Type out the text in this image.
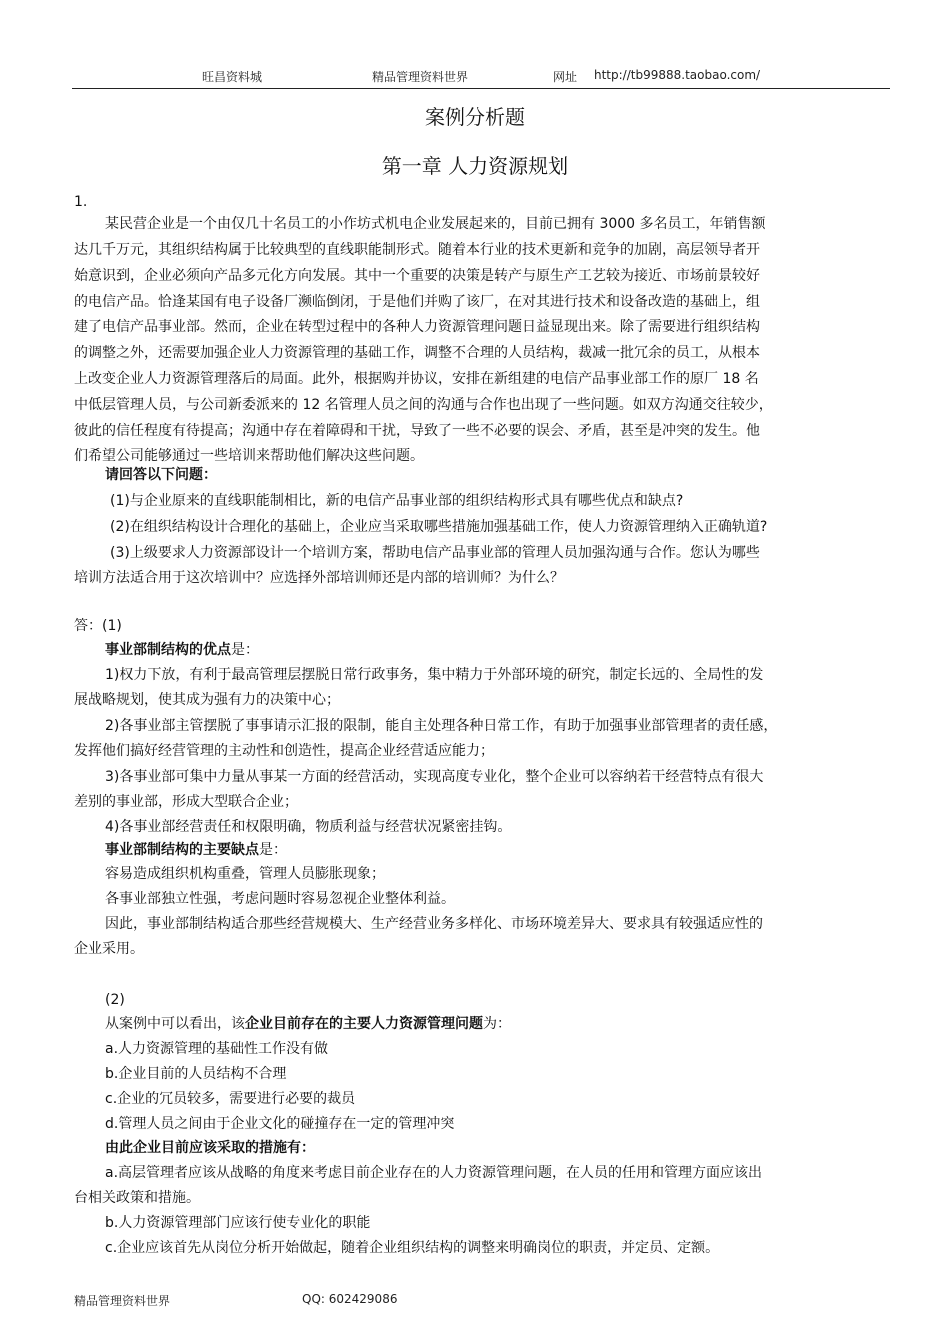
旺昌资料城	精品管理资料世界	网址 http://tb99888.taobao.com/
案例分析题
第一章 人力资源规划
1.
某民营企业是一个由仅几十名员工的小作坊式机电企业发展起来的，目前已拥有 3000 多名员工，年销售额
达几千万元，其组织结构属于比较典型的直线职能制形式。随着本行业的技术更新和竞争的加剧，高层领导者开
始意识到，企业必须向产品多元化方向发展。其中一个重要的决策是转产与原生产工艺较为接近、市场前景较好
的电信产品。恰逢某国有电子设备厂濒临倒闭，于是他们并购了该厂，在对其进行技术和设备改造的基础上，组
建了电信产品事业部。然而，企业在转型过程中的各种人力资源管理问题日益显现出来。除了需要进行组织结构
的调整之外，还需要加强企业人力资源管理的基础工作，调整不合理的人员结构，裁减一批冗余的员工，从根本
上改变企业人力资源管理落后的局面。此外，根据购并协议，安排在新组建的电信产品事业部工作的原厂 18 名
中低层管理人员，与公司新委派来的 12 名管理人员之间的沟通与合作也出现了一些问题。如双方沟通交往较少，
彼此的信任程度有待提高；沟通中存在着障碍和干扰，导致了一些不必要的误会、矛盾，甚至是冲突的发生。他
们希望公司能够通过一些培训来帮助他们解决这些问题。
请回答以下问题：
(1)与企业原来的直线职能制相比，新的电信产品事业部的组织结构形式具有哪些优点和缺点?
(2)在组织结构设计合理化的基础上，企业应当采取哪些措施加强基础工作，使人力资源管理纳入正确轨道?
(3)上级要求人力资源部设计一个培训方案，帮助电信产品事业部的管理人员加强沟通与合作。您认为哪些
培训方法适合用于这次培训中？应选择外部培训师还是内部的培训师？为什么？
答：(1)
事业部制结构的优点是：
1)权力下放，有利于最高管理层摆脱日常行政事务，集中精力于外部环境的研究，制定长远的、全局性的发
展战略规划，使其成为强有力的决策中心；
2)各事业部主管摆脱了事事请示汇报的限制，能自主处理各种日常工作，有助于加强事业部管理者的责任感，
发挥他们搞好经营管理的主动性和创造性，提高企业经营适应能力；
3)各事业部可集中力量从事某一方面的经营活动，实现高度专业化，整个企业可以容纳若干经营特点有很大
差别的事业部，形成大型联合企业；
4)各事业部经营责任和权限明确，物质利益与经营状况紧密挂钩。
事业部制结构的主要缺点是：
容易造成组织机构重叠，管理人员膨胀现象；
各事业部独立性强，考虑问题时容易忽视企业整体利益。
因此，事业部制结构适合那些经营规模大、生产经营业务多样化、市场环境差异大、要求具有较强适应性的
企业采用。
(2)
从案例中可以看出，该企业目前存在的主要人力资源管理问题为：
a.人力资源管理的基础性工作没有做
b.企业目前的人员结构不合理
c.企业的冗员较多，需要进行必要的裁员
d.管理人员之间由于企业文化的碰撞存在一定的管理冲突
由此企业目前应该采取的措施有：
a.高层管理者应该从战略的角度来考虑目前企业存在的人力资源管理问题，在人员的任用和管理方面应该出
台相关政策和措施。
b.人力资源管理部门应该行使专业化的职能
c.企业应该首先从岗位分析开始做起，随着企业组织结构的调整来明确岗位的职责，并定员、定额。
精品管理资料世界	QQ: 602429086
